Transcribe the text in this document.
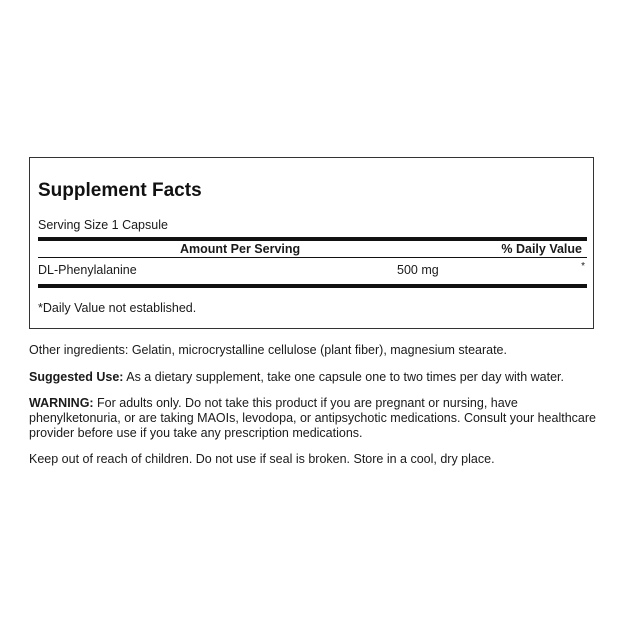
Supplement Facts
Serving Size 1 Capsule
Amount Per Serving	% Daily Value
DL-Phenylalanine	500 mg	*
*Daily Value not established.
Other ingredients: Gelatin, microcrystalline cellulose (plant fiber), magnesium stearate.
Suggested Use: As a dietary supplement, take one capsule one to two times per day with water.
WARNING: For adults only. Do not take this product if you are pregnant or nursing, have phenylketonuria, or are taking MAOIs, levodopa, or antipsychotic medications. Consult your healthcare provider before use if you take any prescription medications.
Keep out of reach of children. Do not use if seal is broken. Store in a cool, dry place.
